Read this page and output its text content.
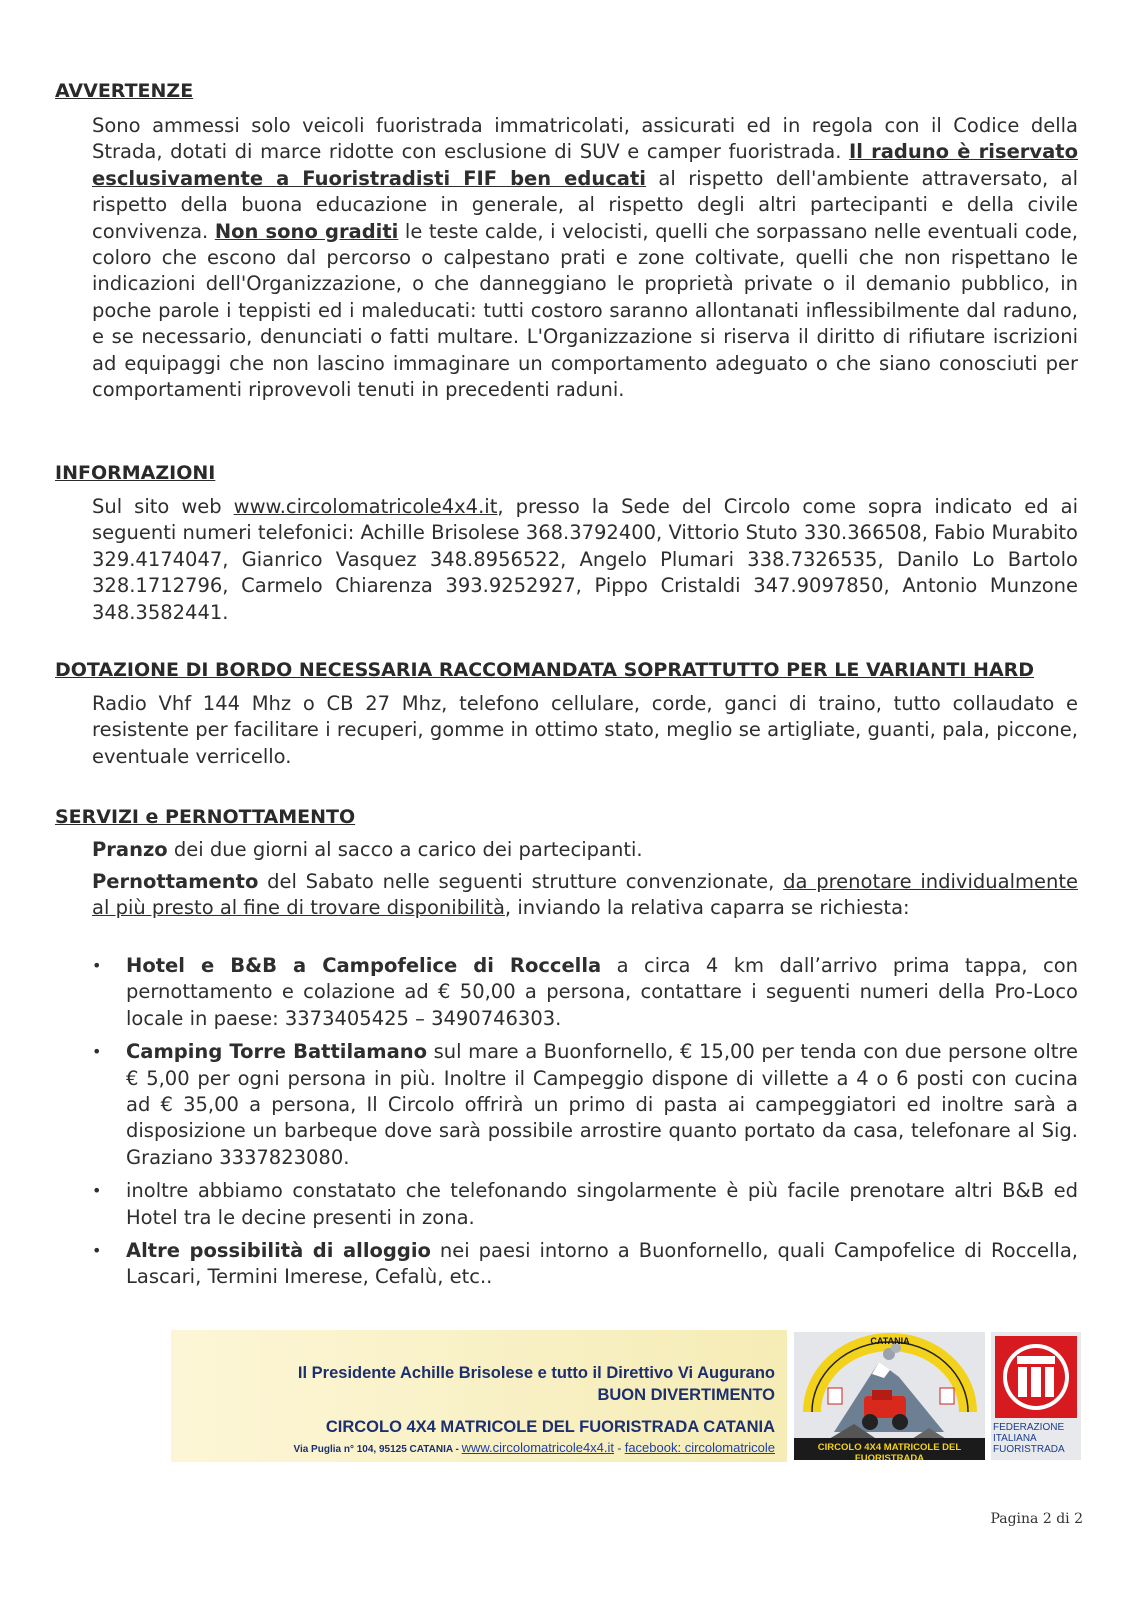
AVVERTENZE

Sono ammessi solo veicoli fuoristrada immatricolati, assicurati ed in regola con il Codice della Strada, dotati di marce ridotte con esclusione di SUV e camper fuoristrada. Il raduno è riservato esclusivamente a Fuoristradisti FIF ben educati al rispetto dell'ambiente attraversato, al rispetto della buona educazione in generale, al rispetto degli altri partecipanti e della civile convivenza. Non sono graditi le teste calde, i velocisti, quelli che sorpassano nelle eventuali code, coloro che escono dal percorso o calpestano prati e zone coltivate, quelli che non rispettano le indicazioni dell'Organizzazione, o che danneggiano le proprietà private o il demanio pubblico, in poche parole i teppisti ed i maleducati: tutti costoro saranno allontanati inflessibilmente dal raduno, e se necessario, denunciati o fatti multare. L'Organizzazione si riserva il diritto di rifiutare iscrizioni ad equipaggi che non lascino immaginare un comportamento adeguato o che siano conosciuti per comportamenti riprovevoli tenuti in precedenti raduni.

INFORMAZIONI

Sul sito web www.circolomatricole4x4.it, presso la Sede del Circolo come sopra indicato ed ai seguenti numeri telefonici: Achille Brisolese 368.3792400, Vittorio Stuto 330.366508, Fabio Murabito 329.4174047, Gianrico Vasquez 348.8956522, Angelo Plumari 338.7326535, Danilo Lo Bartolo 328.1712796, Carmelo Chiarenza 393.9252927, Pippo Cristaldi 347.9097850, Antonio Munzone 348.3582441.

DOTAZIONE DI BORDO NECESSARIA RACCOMANDATA SOPRATTUTTO PER LE VARIANTI HARD

Radio Vhf 144 Mhz o CB 27 Mhz, telefono cellulare, corde, ganci di traino, tutto collaudato e resistente per facilitare i recuperi, gomme in ottimo stato, meglio se artigliate, guanti, pala, piccone, eventuale verricello.

SERVIZI e PERNOTTAMENTO

Pranzo dei due giorni al sacco a carico dei partecipanti.

Pernottamento del Sabato nelle seguenti strutture convenzionate, da prenotare individualmente al più presto al fine di trovare disponibilità, inviando la relativa caparra se richiesta:

• Hotel e B&B a Campofelice di Roccella a circa 4 km dall’arrivo prima tappa, con pernottamento e colazione ad € 50,00 a persona, contattare i seguenti numeri della Pro-Loco locale in paese: 3373405425 – 3490746303.
• Camping Torre Battilamano sul mare a Buonfornello, € 15,00 per tenda con due persone oltre € 5,00 per ogni persona in più. Inoltre il Campeggio dispone di villette a 4 o 6 posti con cucina ad € 35,00 a persona, Il Circolo offrirà un primo di pasta ai campeggiatori ed inoltre sarà a disposizione un barbeque dove sarà possibile arrostire quanto portato da casa, telefonare al Sig. Graziano 3337823080.
• inoltre abbiamo constatato che telefonando singolarmente è più facile prenotare altri B&B ed Hotel tra le decine presenti in zona.
• Altre possibilità di alloggio nei paesi intorno a Buonfornello, quali Campofelice di Roccella, Lascari, Termini Imerese, Cefalù, etc..
Il Presidente Achille Brisolese e tutto il Direttivo Vi Augurano
BUON DIVERTIMENTO
CIRCOLO 4X4 MATRICOLE DEL FUORISTRADA CATANIA
Via Puglia n° 104, 95125 CATANIA - www.circolomatricole4x4.it - facebook: circolomatricole
CATANIA
CIRCOLO 4X4 MATRICOLE DEL FUORISTRADA
FEDERAZIONE
ITALIANA
FUORISTRADA
Pagina 2 di 2
